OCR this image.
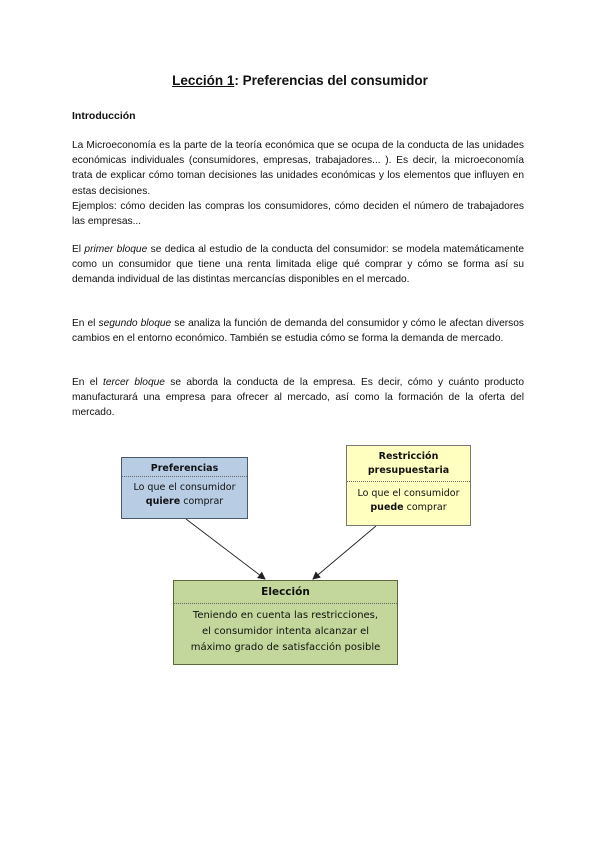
Lección 1: Preferencias del consumidor
Introducción
La Microeconomía es la parte de la teoría económica que se ocupa de la conducta de las unidades económicas individuales (consumidores, empresas, trabajadores... ). Es decir, la microeconomía trata de explicar cómo toman decisiones las unidades económicas y los elementos que influyen en estas decisiones.
Ejemplos: cómo deciden las compras los consumidores, cómo deciden el número de trabajadores las empresas...

El primer bloque se dedica al estudio de la conducta del consumidor: se modela matemáticamente como un consumidor que tiene una renta limitada elige qué comprar y cómo se forma así su demanda individual de las distintas mercancías disponibles en el mercado.

En el segundo bloque se analiza la función de demanda del consumidor y cómo le afectan diversos cambios en el entorno económico. También se estudia cómo se forma la demanda de mercado.

En el tercer bloque se aborda la conducta de la empresa. Es decir, cómo y cuánto producto manufacturará una empresa para ofrecer al mercado, así como la formación de la oferta del mercado.

Preferencias
Lo que el consumidor
quiere comprar
Restricción
presupuestaria
Lo que el consumidor
puede comprar
Elección
Teniendo en cuenta las restricciones,
el consumidor intenta alcanzar el
máximo grado de satisfacción posible
